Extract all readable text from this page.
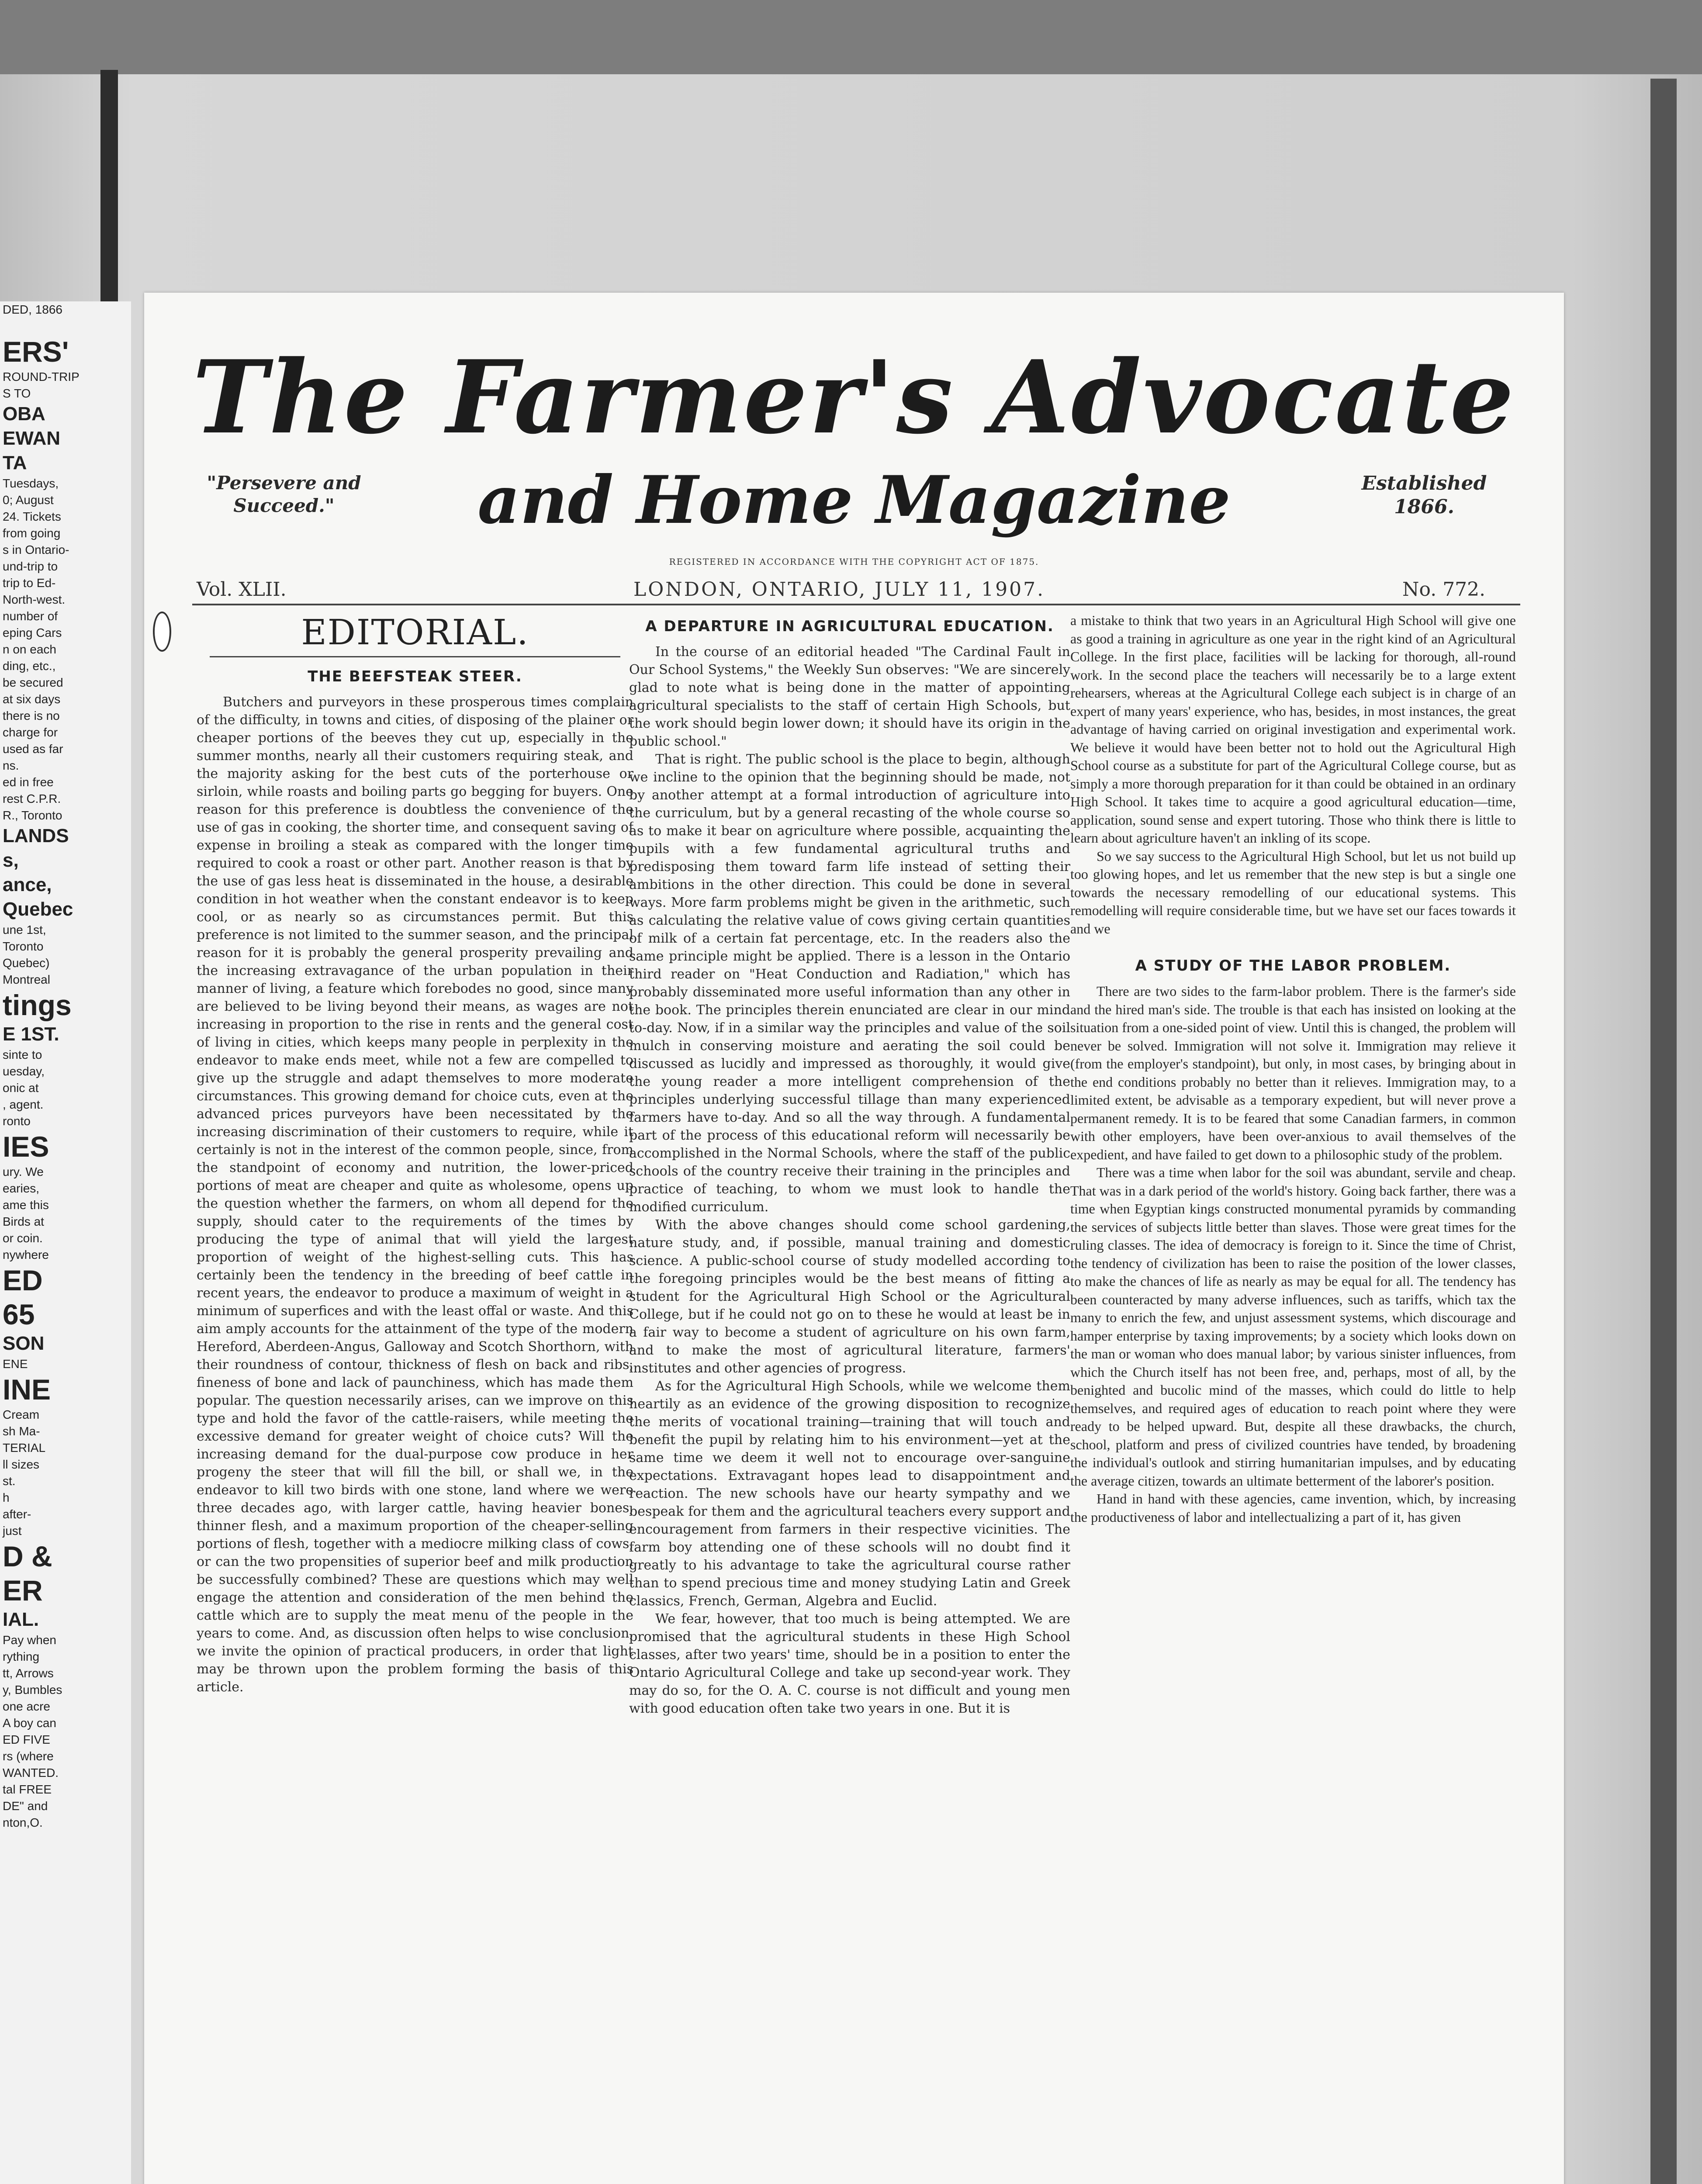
DED, 1866

ERS'
ROUND-TRIP
S TO
OBA
EWAN
TA
Tuesdays,
0; August
24. Tickets
from going
s in Ontario-
und-trip to
trip to Ed-
North-west.
number of
eping Cars
n on each
ding, etc.,
be secured
at six days
there is no
charge for
used as far
ns.
ed in free
rest C.P.R.
R., Toronto
LANDS
s,
ance,
Quebec
une 1st,
Toronto
Quebec)
Montreal
tings
E 1ST.
sinte to
uesday,
onic at
, agent.
ronto
IES
ury. We
earies,
ame this
Birds at
or coin.
nywhere
ED
65
SON
ENE
INE
Cream
sh Ma-
TERIAL
ll sizes
st.
h
after-
just
D &
ER
IAL.
Pay when
rything
tt, Arrows
y, Bumbles
one acre
A boy can
ED FIVE
rs (where
WANTED.
tal FREE
DE" and
nton,O.
The Farmer's Advocate
"Persevere and Succeed."	and Home Magazine	Established 1866.
REGISTERED IN ACCORDANCE WITH THE COPYRIGHT ACT OF 1875.
Vol. XLII.	LONDON, ONTARIO, JULY 11, 1907.	No. 772.
EDITORIAL.
THE BEEFSTEAK STEER.

Butchers and purveyors in these prosperous times complain of the difficulty, in towns and cities, of disposing of the plainer or cheaper portions of the beeves they cut up, especially in the summer months, nearly all their customers requiring steak, and the majority asking for the best cuts of the porterhouse or sirloin, while roasts and boiling parts go begging for buyers. One reason for this preference is doubtless the convenience of the use of gas in cooking, the shorter time, and consequent saving of expense in broiling a steak as compared with the longer time required to cook a roast or other part. Another reason is that by the use of gas less heat is disseminated in the house, a desirable condition in hot weather when the constant endeavor is to keep cool, or as nearly so as circumstances permit. But this preference is not limited to the summer season, and the principal reason for it is probably the general prosperity prevailing and the increasing extravagance of the urban population in their manner of living, a feature which forebodes no good, since many are believed to be living beyond their means, as wages are not increasing in proportion to the rise in rents and the general cost of living in cities, which keeps many people in perplexity in the endeavor to make ends meet, while not a few are compelled to give up the struggle and adapt themselves to more moderate circumstances. This growing demand for choice cuts, even at the advanced prices purveyors have been necessitated by the increasing discrimination of their customers to require, while it certainly is not in the interest of the common people, since, from the standpoint of economy and nutrition, the lower-priced portions of meat are cheaper and quite as wholesome, opens up the question whether the farmers, on whom all depend for the supply, should cater to the requirements of the times by producing the type of animal that will yield the largest proportion of weight of the highest-selling cuts. This has certainly been the tendency in the breeding of beef cattle in recent years, the endeavor to produce a maximum of weight in a minimum of superfices and with the least offal or waste. And this aim amply accounts for the attainment of the type of the modern Hereford, Aberdeen-Angus, Galloway and Scotch Shorthorn, with their roundness of contour, thickness of flesh on back and ribs, fineness of bone and lack of paunchiness, which has made them popular. The question necessarily arises, can we improve on this type and hold the favor of the cattle-raisers, while meeting the excessive demand for greater weight of choice cuts? Will the increasing demand for the dual-purpose cow produce in her progeny the steer that will fill the bill, or shall we, in the endeavor to kill two birds with one stone, land where we were three decades ago, with larger cattle, having heavier bones, thinner flesh, and a maximum proportion of the cheaper-selling portions of flesh, together with a mediocre milking class of cows, or can the two propensities of superior beef and milk production be successfully combined? These are questions which may well engage the attention and consideration of the men behind the cattle which are to supply the meat menu of the people in the years to come. And, as discussion often helps to wise conclusion, we invite the opinion of practical producers, in order that light may be thrown upon the problem forming the basis of this article.

A DEPARTURE IN AGRICULTURAL EDUCATION.

In the course of an editorial headed "The Cardinal Fault in Our School Systems," the Weekly Sun observes: "We are sincerely glad to note what is being done in the matter of appointing agricultural specialists to the staff of certain High Schools, but the work should begin lower down; it should have its origin in the public school."

That is right. The public school is the place to begin, although we incline to the opinion that the beginning should be made, not by another attempt at a formal introduction of agriculture into the curriculum, but by a general recasting of the whole course so as to make it bear on agriculture where possible, acquainting the pupils with a few fundamental agricultural truths and predisposing them toward farm life instead of setting their ambitions in the other direction. This could be done in several ways. More farm problems might be given in the arithmetic, such as calculating the relative value of cows giving certain quantities of milk of a certain fat percentage, etc. In the readers also the same principle might be applied. There is a lesson in the Ontario third reader on "Heat Conduction and Radiation," which has probably disseminated more useful information than any other in the book. The principles therein enunciated are clear in our mind to-day. Now, if in a similar way the principles and value of the soil mulch in conserving moisture and aerating the soil could be discussed as lucidly and impressed as thoroughly, it would give the young reader a more intelligent comprehension of the principles underlying successful tillage than many experienced farmers have to-day. And so all the way through. A fundamental part of the process of this educational reform will necessarily be accomplished in the Normal Schools, where the staff of the public schools of the country receive their training in the principles and practice of teaching, to whom we must look to handle the modified curriculum.

With the above changes should come school gardening, nature study, and, if possible, manual training and domestic science. A public-school course of study modelled according to the foregoing principles would be the best means of fitting a student for the Agricultural High School or the Agricultural College, but if he could not go on to these he would at least be in a fair way to become a student of agriculture on his own farm, and to make the most of agricultural literature, farmers' institutes and other agencies of progress.

As for the Agricultural High Schools, while we welcome them heartily as an evidence of the growing disposition to recognize the merits of vocational training—training that will touch and benefit the pupil by relating him to his environment—yet at the same time we deem it well not to encourage over-sanguine expectations. Extravagant hopes lead to disappointment and reaction. The new schools have our hearty sympathy and we bespeak for them and the agricultural teachers every support and encouragement from farmers in their respective vicinities. The farm boy attending one of these schools will no doubt find it greatly to his advantage to take the agricultural course rather than to spend precious time and money studying Latin and Greek classics, French, German, Algebra and Euclid.

We fear, however, that too much is being attempted. We are promised that the agricultural students in these High School classes, after two years' time, should be in a position to enter the Ontario Agricultural College and take up second-year work. They may do so, for the O. A. C. course is not difficult and young men with good education often take two years in one. But it is

a mistake to think that two years in an Agricultural High School will give one as good a training in agriculture as one year in the right kind of an Agricultural College. In the first place, facilities will be lacking for thorough, all-round work. In the second place the teachers will necessarily be to a large extent rehearsers, whereas at the Agricultural College each subject is in charge of an expert of many years' experience, who has, besides, in most instances, the great advantage of having carried on original investigation and experimental work. We believe it would have been better not to hold out the Agricultural High School course as a substitute for part of the Agricultural College course, but as simply a more thorough preparation for it than could be obtained in an ordinary High School. It takes time to acquire a good agricultural education—time, application, sound sense and expert tutoring. Those who think there is little to learn about agriculture haven't an inkling of its scope.

So we say success to the Agricultural High School, but let us not build up too glowing hopes, and let us remember that the new step is but a single one towards the necessary remodelling of our educational systems. This remodelling will require considerable time, but we have set our faces towards it and we

A STUDY OF THE LABOR PROBLEM.

There are two sides to the farm-labor problem. There is the farmer's side and the hired man's side. The trouble is that each has insisted on looking at the situation from a one-sided point of view. Until this is changed, the problem will never be solved. Immigration will not solve it. Immigration may relieve it (from the employer's standpoint), but only, in most cases, by bringing about in the end conditions probably no better than it relieves. Immigration may, to a limited extent, be advisable as a temporary expedient, but will never prove a permanent remedy. It is to be feared that some Canadian farmers, in common with other employers, have been over-anxious to avail themselves of the expedient, and have failed to get down to a philosophic study of the problem.

There was a time when labor for the soil was abundant, servile and cheap. That was in a dark period of the world's history. Going back farther, there was a time when Egyptian kings constructed monumental pyramids by commanding the services of subjects little better than slaves. Those were great times for the ruling classes. The idea of democracy is foreign to it. Since the time of Christ, the tendency of civilization has been to raise the position of the lower classes, to make the chances of life as nearly as may be equal for all. The tendency has been counteracted by many adverse influences, such as tariffs, which tax the many to enrich the few, and unjust assessment systems, which discourage and hamper enterprise by taxing improvements; by a society which looks down on the man or woman who does manual labor; by various sinister influences, from which the Church itself has not been free, and, perhaps, most of all, by the benighted and bucolic mind of the masses, which could do little to help themselves, and required ages of education to reach point where they were ready to be helped upward. But, despite all these drawbacks, the church, school, platform and press of civilized countries have tended, by broadening the individual's outlook and stirring humanitarian impulses, and by educating the average citizen, towards an ultimate betterment of the laborer's position.

Hand in hand with these agencies, came invention, which, by increasing the productiveness of labor and intellectualizing a part of it, has given
